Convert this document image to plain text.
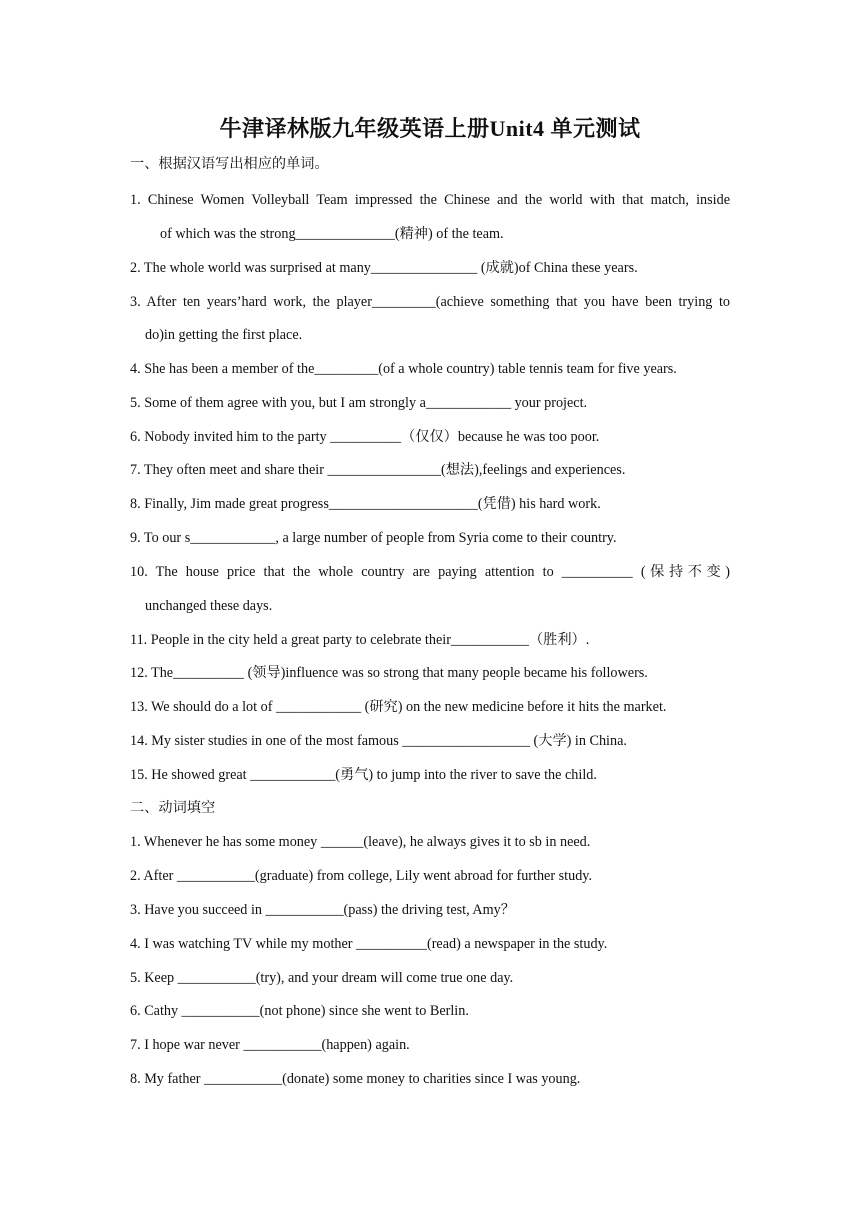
牛津译林版九年级英语上册Unit4 单元测试
一、根据汉语写出相应的单词。
1. Chinese Women Volleyball Team impressed the Chinese and the world with that match, inside
of which was the strong______________(精神) of the team.
2. The whole world was surprised at many_______________ (成就)of China these years.
3. After ten years’hard work, the player_________(achieve something that you have been trying to
do)in getting the first place.
4. She has been a member of the_________(of a whole country) table tennis team for five years.
5. Some of them agree with you, but I am strongly a____________ your project.
6. Nobody invited him to the party __________（仅仅）because he was too poor.
7. They often meet and share their ________________(想法),feelings and experiences.
8. Finally, Jim made great progress_____________________(凭借) his hard work.
9. To our s____________, a large number of people from Syria come to their country.
10. The house price that the whole country are paying attention to __________ (保持不变)
unchanged these days.
11. People in the city held a great party to celebrate their___________（胜利）.
12. The__________ (领导)influence was so strong that many people became his followers.
13. We should do a lot of ____________ (研究) on the new medicine before it hits the market.
14. My sister studies in one of the most famous __________________ (大学) in China.
15. He showed great ____________(勇气) to jump into the river to save the child.
二、动词填空
1. Whenever he has some money ______(leave), he always gives it to sb in need.
2. After ___________(graduate) from college, Lily went abroad for further study.
3. Have you succeed in ___________(pass) the driving test, Amy？
4. I was watching TV while my mother __________(read) a newspaper in the study.
5. Keep ___________(try), and your dream will come true one day.
6. Cathy ___________(not phone) since she went to Berlin.
7. I hope war never ___________(happen) again.
8. My father ___________(donate) some money to charities since I was young.
